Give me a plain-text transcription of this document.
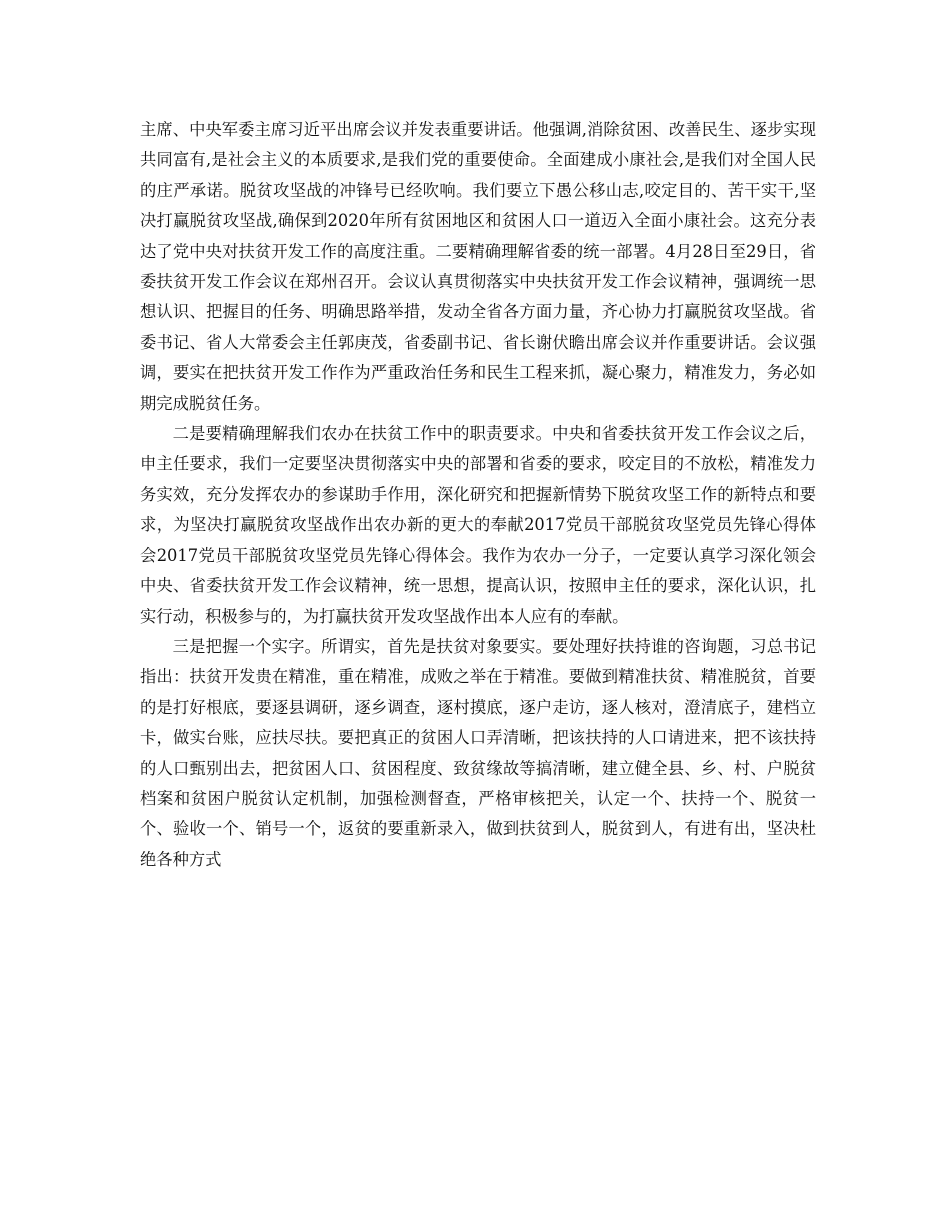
主席、中央军委主席习近平出席会议并发表重要讲话。他强调,消除贫困、改善民生、逐步实现共同富有,是社会主义的本质要求,是我们党的重要使命。全面建成小康社会,是我们对全国人民的庄严承诺。脱贫攻坚战的冲锋号已经吹响。我们要立下愚公移山志,咬定目的、苦干实干,坚决打赢脱贫攻坚战,确保到2020年所有贫困地区和贫困人口一道迈入全面小康社会。这充分表达了党中央对扶贫开发工作的高度注重。二要精确理解省委的统一部署。4月28日至29日，省委扶贫开发工作会议在郑州召开。会议认真贯彻落实中央扶贫开发工作会议精神，强调统一思想认识、把握目的任务、明确思路举措，发动全省各方面力量，齐心协力打赢脱贫攻坚战。省委书记、省人大常委会主任郭庚茂，省委副书记、省长谢伏瞻出席会议并作重要讲话。会议强调，要实在把扶贫开发工作作为严重政治任务和民生工程来抓，凝心聚力，精准发力，务必如期完成脱贫任务。

二是要精确理解我们农办在扶贫工作中的职责要求。中央和省委扶贫开发工作会议之后，申主任要求，我们一定要坚决贯彻落实中央的部署和省委的要求，咬定目的不放松，精准发力务实效，充分发挥农办的参谋助手作用，深化研究和把握新情势下脱贫攻坚工作的新特点和要求，为坚决打赢脱贫攻坚战作出农办新的更大的奉献2017党员干部脱贫攻坚党员先锋心得体会2017党员干部脱贫攻坚党员先锋心得体会。我作为农办一分子，一定要认真学习深化领会中央、省委扶贫开发工作会议精神，统一思想，提高认识，按照申主任的要求，深化认识，扎实行动，积极参与的，为打赢扶贫开发攻坚战作出本人应有的奉献。

三是把握一个实字。所谓实，首先是扶贫对象要实。要处理好扶持谁的咨询题，习总书记指出：扶贫开发贵在精准，重在精准，成败之举在于精准。要做到精准扶贫、精准脱贫，首要的是打好根底，要逐县调研，逐乡调查，逐村摸底，逐户走访，逐人核对，澄清底子，建档立卡，做实台账，应扶尽扶。要把真正的贫困人口弄清晰，把该扶持的人口请进来，把不该扶持的人口甄别出去，把贫困人口、贫困程度、致贫缘故等搞清晰，建立健全县、乡、村、户脱贫档案和贫困户脱贫认定机制，加强检测督查，严格审核把关，认定一个、扶持一个、脱贫一个、验收一个、销号一个，返贫的要重新录入，做到扶贫到人，脱贫到人，有进有出，坚决杜绝各种方式
